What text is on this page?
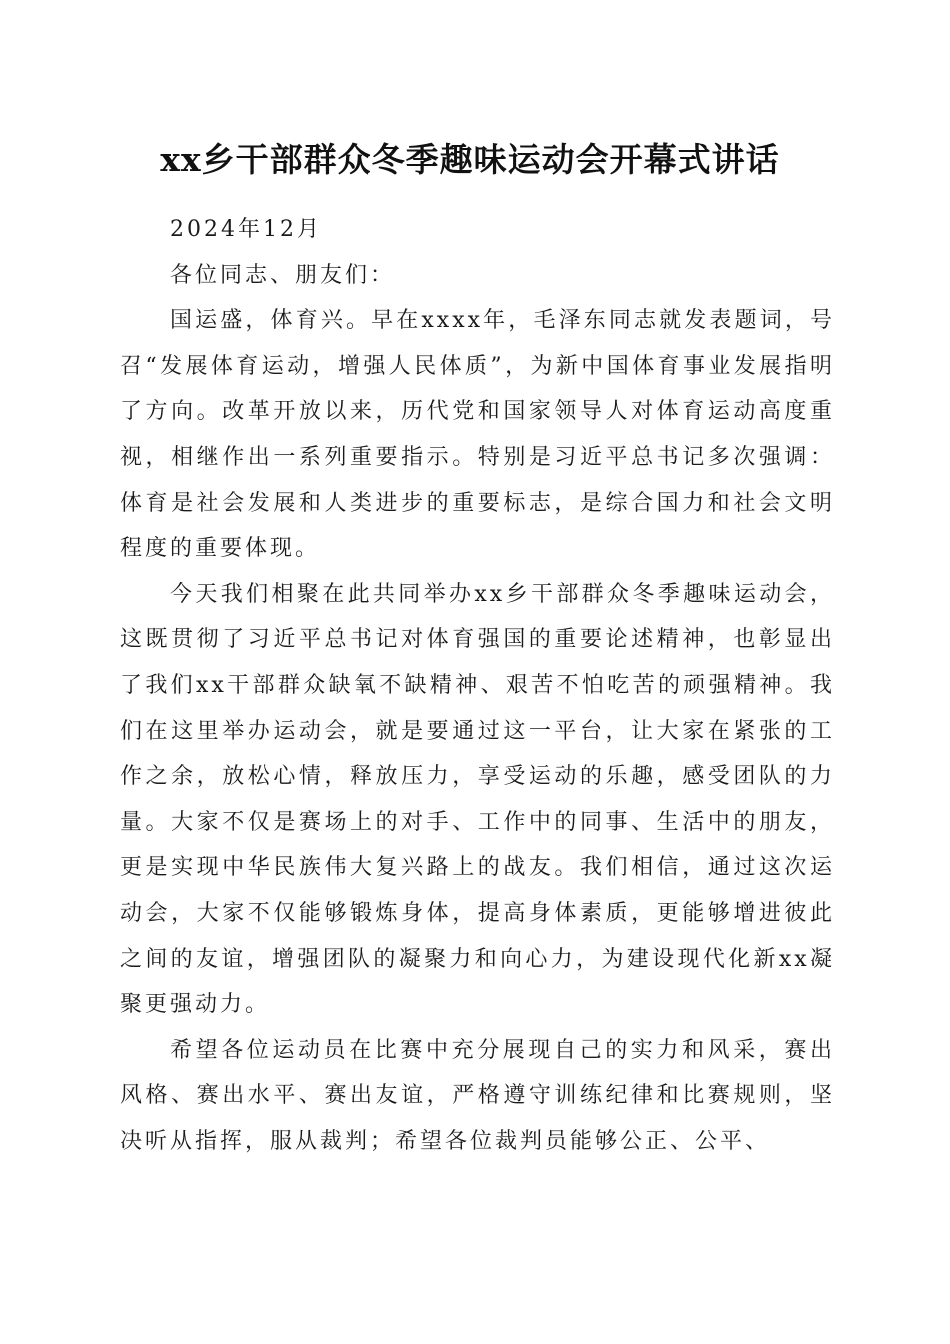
xx乡干部群众冬季趣味运动会开幕式讲话

2024年12月

各位同志、朋友们：

国运盛，体育兴。早在xxxx年，毛泽东同志就发表题词，号召“发展体育运动，增强人民体质”，为新中国体育事业发展指明了方向。改革开放以来，历代党和国家领导人对体育运动高度重视，相继作出一系列重要指示。特别是习近平总书记多次强调：体育是社会发展和人类进步的重要标志，是综合国力和社会文明程度的重要体现。

今天我们相聚在此共同举办xx乡干部群众冬季趣味运动会，这既贯彻了习近平总书记对体育强国的重要论述精神，也彰显出了我们xx干部群众缺氧不缺精神、艰苦不怕吃苦的顽强精神。我们在这里举办运动会，就是要通过这一平台，让大家在紧张的工作之余，放松心情，释放压力，享受运动的乐趣，感受团队的力量。大家不仅是赛场上的对手、工作中的同事、生活中的朋友，更是实现中华民族伟大复兴路上的战友。我们相信，通过这次运动会，大家不仅能够锻炼身体，提高身体素质，更能够增进彼此之间的友谊，增强团队的凝聚力和向心力，为建设现代化新xx凝聚更强动力。

希望各位运动员在比赛中充分展现自己的实力和风采，赛出风格、赛出水平、赛出友谊，严格遵守训练纪律和比赛规则，坚决听从指挥，服从裁判；希望各位裁判员能够公正、公平、
